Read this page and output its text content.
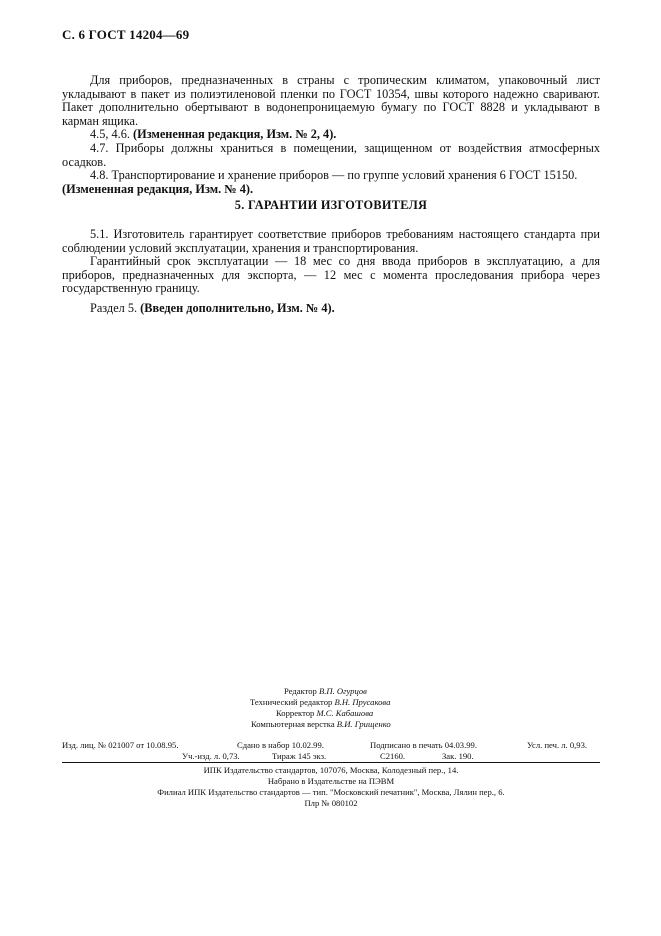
С. 6 ГОСТ 14204—69

Для приборов, предназначенных в страны с тропическим климатом, упаковочный лист укладывают в пакет из полиэтиленовой пленки по ГОСТ 10354, швы которого надежно сваривают. Пакет дополнительно обертывают в водонепроницаемую бумагу по ГОСТ 8828 и укладывают в карман ящика.

4.5, 4.6. (Измененная редакция, Изм. № 2, 4).

4.7. Приборы должны храниться в помещении, защищенном от воздействия атмосферных осадков.

4.8. Транспортирование и хранение приборов — по группе условий хранения 6 ГОСТ 15150.

(Измененная редакция, Изм. № 4).

5. ГАРАНТИИ ИЗГОТОВИТЕЛЯ

5.1. Изготовитель гарантирует соответствие приборов требованиям настоящего стандарта при соблюдении условий эксплуатации, хранения и транспортирования.

Гарантийный срок эксплуатации — 18 мес со дня ввода приборов в эксплуатацию, а для приборов, предназначенных для экспорта, — 12 мес с момента проследования прибора через государственную границу.

Раздел 5. (Введен дополнительно, Изм. № 4).

Редактор В.П. Огурцов
Технический редактор В.Н. Прусакова
Корректор М.С. Кабашова
Компьютерная верстка В.И. Грищенко
Изд. лиц. № 021007 от 10.08.95.	Сдано в набор 10.02.99.	Подписано в печать 04.03.99.	Усл. печ. л. 0,93.
Уч.-изд. л. 0,73.	Тираж 145 экз.	С2160.	Зак. 190.
ИПК Издательство стандартов, 107076, Москва, Колодезный пер., 14.
Набрано в Издательстве на ПЭВМ
Филиал ИПК Издательство стандартов — тип. "Московский печатник", Москва, Лялин пер., 6.
Плр № 080102
